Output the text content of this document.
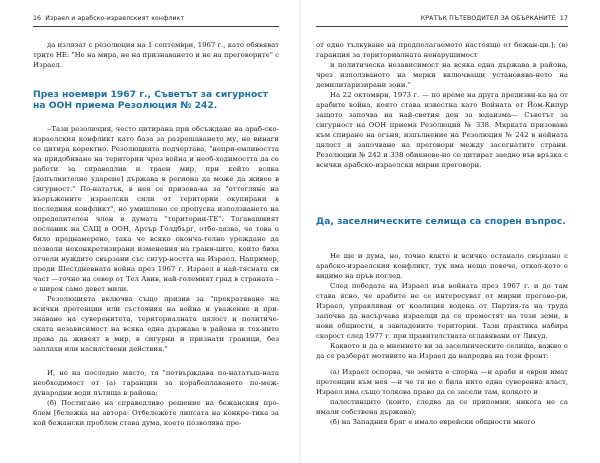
16 Израел и арабско-израелският конфликт

да излязат с резолюция на 1 септември, 1967 г., като обявяват трите НЕ: "Не на мира, не на признаването и не на преговорите" с Израел.

През ноември 1967 г., Съветът за сигурност на ООН приема Резолюция № 242.

‒Тази резолюция, често цитирана при обсъждане на араб-ско-израелския конфликт като база за разрешаването му, не винаги се цитира коректно. Резолюцията подчертава, "непри-емливостта на придобиване на територии чрез война и необ-ходимостта да се работи за справедлив и траен мир, при който всяка [допълнително удареие] държава в региона да може да живее в сигурност." По-нататък, в нея се призова-ва за "оттегляне на въоръжените израелски сили от територии окупирани в последния конфликт", но умишлено се пропуска използването на определителен член в думата "територии-ТЕ". Тогавашният посланик на САЩ в ООН, Артър Голдбърг, отбе-лязва, че това е било преднамерено, така че всяко оконча-телно уреждане да позволи неконкретизирани изменения на грани-ците, които биха отчели нуждите свързани със сигур-ността на Израел. Например, преди Шестдневната война през 1967 г. Израел в най-тясната си част —точно на север от Тел Авив, най-големият град в страната – е широк само девет мили.

Резолюцията включва също призив за "прекратяване на всички претенции или състояния на война и уважение и при-знаване на суверенитета, териториалната цялост и политиче-ската независимост на всяка една държава в района и тех-ните права да живеят в мир, в сигурни и признати граници, без заплахи или насилствени действия."

И, не на последно място, тя "потвърждава по-нататъш-ната необходимост от (а) гаранции за корабоплаването по-меж-дународни води пътища в района;

(б) Постигане на справедливо решение на бежанския про-блем [бележка на автора: Отбележете липсата на конкре-тика за кой бежански проблем става дума, което позволява пре-

КРАТЪК ПЪТЕВОДИТЕЛ ЗА ОБЪРКАНИТЕ 17

от едно тълкуване на предполагаемото настояще от бежан-ци.]; (в) гаранция за териториалната ненарушимост

и политическа независимост на всяка една държава в района, чрез използването на мерки включващи установява-нето на демилитаризирани зони."

На 22 октомври, 1973 г. — по време на друга предизви-ка на от арабите война, която става известна като Войната от Йом-Кипур защото започва на най-светия ден за юдаизма— Съветът за сигурност на ООН приема Резолюция № 338. Мярката призовава към спиране на огъня, изпълнение на Резолюция № 242 в нейната цялост и започване на преговори между засегнатите страни. Резолюции № 242 и 338 обикнове-но се цитират заедно във връзка с всички арабско-израелски мирни преговори.

Да, заселническите селища са спорен въпрос.

Не ще и дума, но, точно както и всичко останало свързано с арабско-израелския конфликт, тук има нещо повече, откол-кото е видимо на пръв поглед.

След победата на Израел във войната през 1967 г. и до там става ясно, че арабите не се интересуват от мирни прегово-ри, Израел, управляван от коалиция водена от Партия-та на труда започва да насърчава израелци да се преместят на тези земи, в нови общности, в завладените територии. Тази практика набира скорост след 1977 г. при правителствата оглавявани от Ликуд.

Каквото и да е мнението ви за заселническите селища, важно е да се разберат мотивите на Израел да напредва на този фронт:

(а) Израел оспорва, че земята е спорна —и араби и евреи имат претенции към нея —и че тя не е била нито една суверенна власт, Израел има също толкова право да се засели там, колкото и

палестинците (които, следва да се припомни, никога не са имали собствена държава);

(б) на Западния бряг е имало еврейски общности много
